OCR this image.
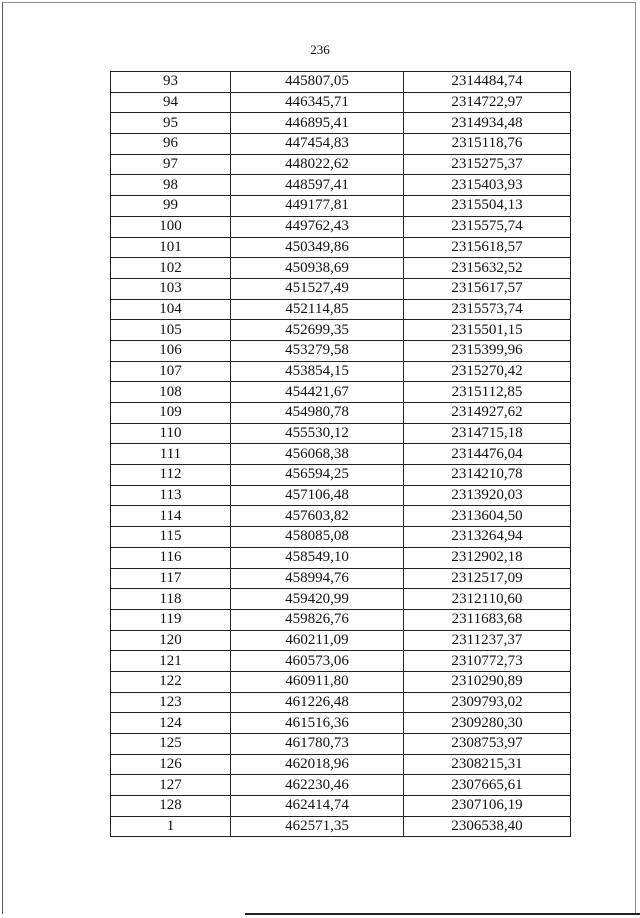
236
93	445807,05	2314484,74
94	446345,71	2314722,97
95	446895,41	2314934,48
96	447454,83	2315118,76
97	448022,62	2315275,37
98	448597,41	2315403,93
99	449177,81	2315504,13
100	449762,43	2315575,74
101	450349,86	2315618,57
102	450938,69	2315632,52
103	451527,49	2315617,57
104	452114,85	2315573,74
105	452699,35	2315501,15
106	453279,58	2315399,96
107	453854,15	2315270,42
108	454421,67	2315112,85
109	454980,78	2314927,62
110	455530,12	2314715,18
111	456068,38	2314476,04
112	456594,25	2314210,78
113	457106,48	2313920,03
114	457603,82	2313604,50
115	458085,08	2313264,94
116	458549,10	2312902,18
117	458994,76	2312517,09
118	459420,99	2312110,60
119	459826,76	2311683,68
120	460211,09	2311237,37
121	460573,06	2310772,73
122	460911,80	2310290,89
123	461226,48	2309793,02
124	461516,36	2309280,30
125	461780,73	2308753,97
126	462018,96	2308215,31
127	462230,46	2307665,61
128	462414,74	2307106,19
1	462571,35	2306538,40
